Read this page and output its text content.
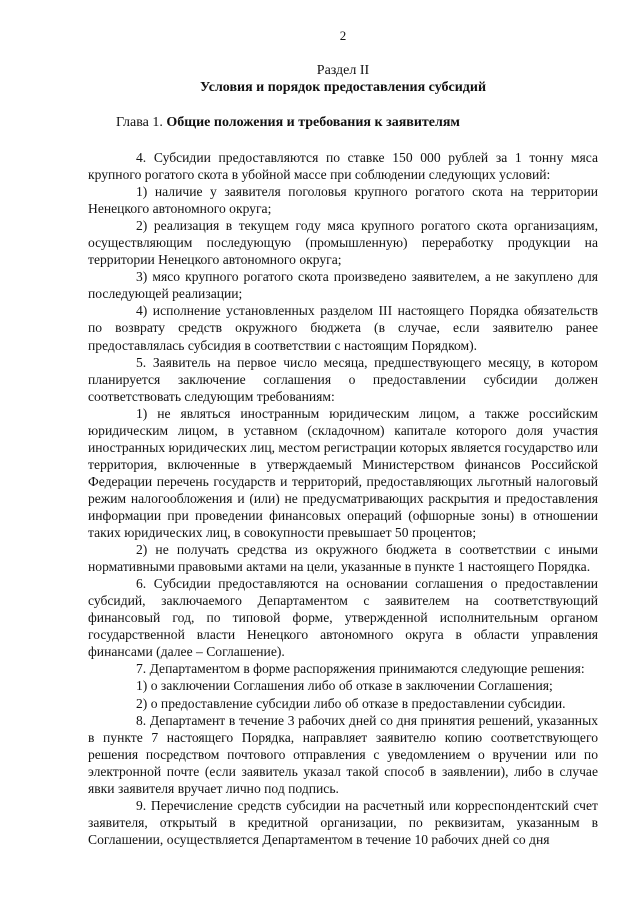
2
Раздел II
Условия и порядок предоставления субсидий
Глава 1. Общие положения и требования к заявителям

4. Субсидии предоставляются по ставке 150 000 рублей за 1 тонну мяса крупного рогатого скота в убойной массе при соблюдении следующих условий:

1) наличие у заявителя поголовья крупного рогатого скота на территории Ненецкого автономного округа;

2) реализация в текущем году мяса крупного рогатого скота организациям, осуществляющим последующую (промышленную) переработку продукции на территории Ненецкого автономного округа;

3) мясо крупного рогатого скота произведено заявителем, а не закуплено для последующей реализации;

4) исполнение установленных разделом III настоящего Порядка обязательств по возврату средств окружного бюджета (в случае, если заявителю ранее предоставлялась субсидия в соответствии с настоящим Порядком).

5. Заявитель на первое число месяца, предшествующего месяцу, в котором планируется заключение соглашения о предоставлении субсидии должен соответствовать следующим требованиям:

1) не являться иностранным юридическим лицом, а также российским юридическим лицом, в уставном (складочном) капитале которого доля участия иностранных юридических лиц, местом регистрации которых является государство или территория, включенные в утверждаемый Министерством финансов Российской Федерации перечень государств и территорий, предоставляющих льготный налоговый режим налогообложения и (или) не предусматривающих раскрытия и предоставления информации при проведении финансовых операций (офшорные зоны) в отношении таких юридических лиц, в совокупности превышает 50 процентов;

2) не получать средства из окружного бюджета в соответствии с иными нормативными правовыми актами на цели, указанные в пункте 1 настоящего Порядка.

6. Субсидии предоставляются на основании соглашения о предоставлении субсидий, заключаемого Департаментом с заявителем на соответствующий финансовый год, по типовой форме, утвержденной исполнительным органом государственной власти Ненецкого автономного округа в области управления финансами (далее – Соглашение).

7. Департаментом в форме распоряжения принимаются следующие решения:

1) о заключении Соглашения либо об отказе в заключении Соглашения;

2) о предоставление субсидии либо об отказе в предоставлении субсидии.

8. Департамент в течение 3 рабочих дней со дня принятия решений, указанных в пункте 7 настоящего Порядка, направляет заявителю копию соответствующего решения посредством почтового отправления с уведомлением о вручении или по электронной почте (если заявитель указал такой способ в заявлении), либо в случае явки заявителя вручает лично под подпись.

9. Перечисление средств субсидии на расчетный или корреспондентский счет заявителя, открытый в кредитной организации, по реквизитам, указанным в Соглашении, осуществляется Департаментом в течение 10 рабочих дней со дня
